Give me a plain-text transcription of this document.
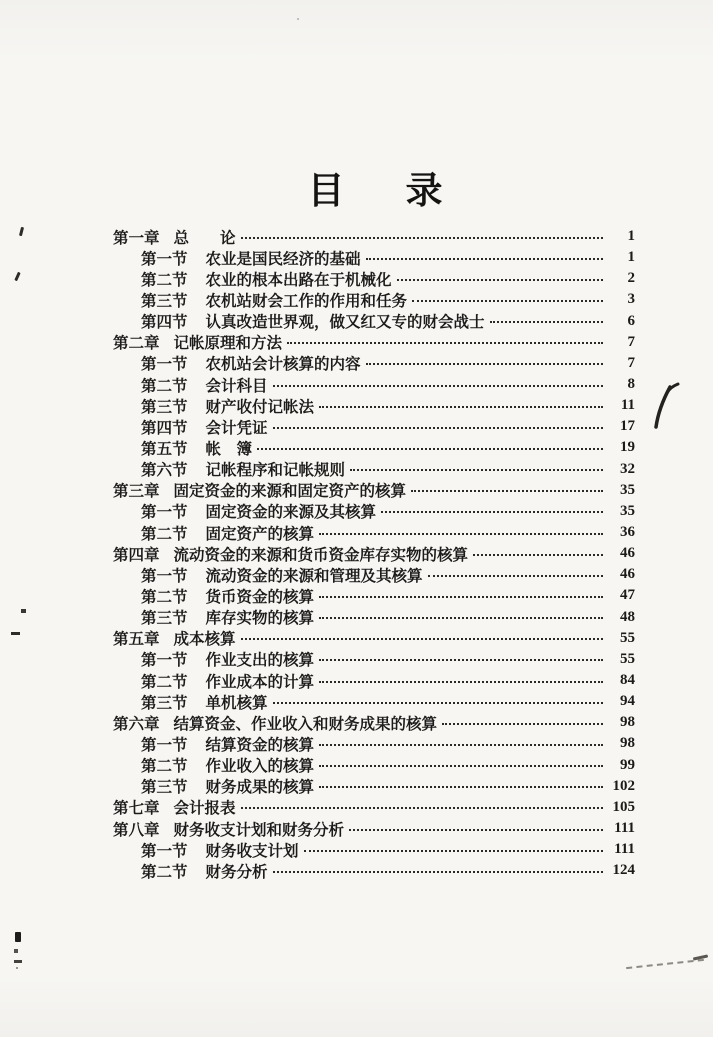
目　录
第一章 总　　论	1
第一节 农业是国民经济的基础	1
第二节 农业的根本出路在于机械化	2
第三节 农机站财会工作的作用和任务	3
第四节 认真改造世界观，做又红又专的财会战士	6
第二章 记帐原理和方法	7
第一节 农机站会计核算的内容	7
第二节 会计科目	8
第三节 财产收付记帐法	11
第四节 会计凭证	17
第五节 帐　簿	19
第六节 记帐程序和记帐规则	32
第三章 固定资金的来源和固定资产的核算	35
第一节 固定资金的来源及其核算	35
第二节 固定资产的核算	36
第四章 流动资金的来源和货币资金库存实物的核算	46
第一节 流动资金的来源和管理及其核算	46
第二节 货币资金的核算	47
第三节 库存实物的核算	48
第五章 成本核算	55
第一节 作业支出的核算	55
第二节 作业成本的计算	84
第三节 单机核算	94
第六章 结算资金、作业收入和财务成果的核算	98
第一节 结算资金的核算	98
第二节 作业收入的核算	99
第三节 财务成果的核算	102
第七章 会计报表	105
第八章 财务收支计划和财务分析	111
第一节 财务收支计划	111
第二节 财务分析	124
